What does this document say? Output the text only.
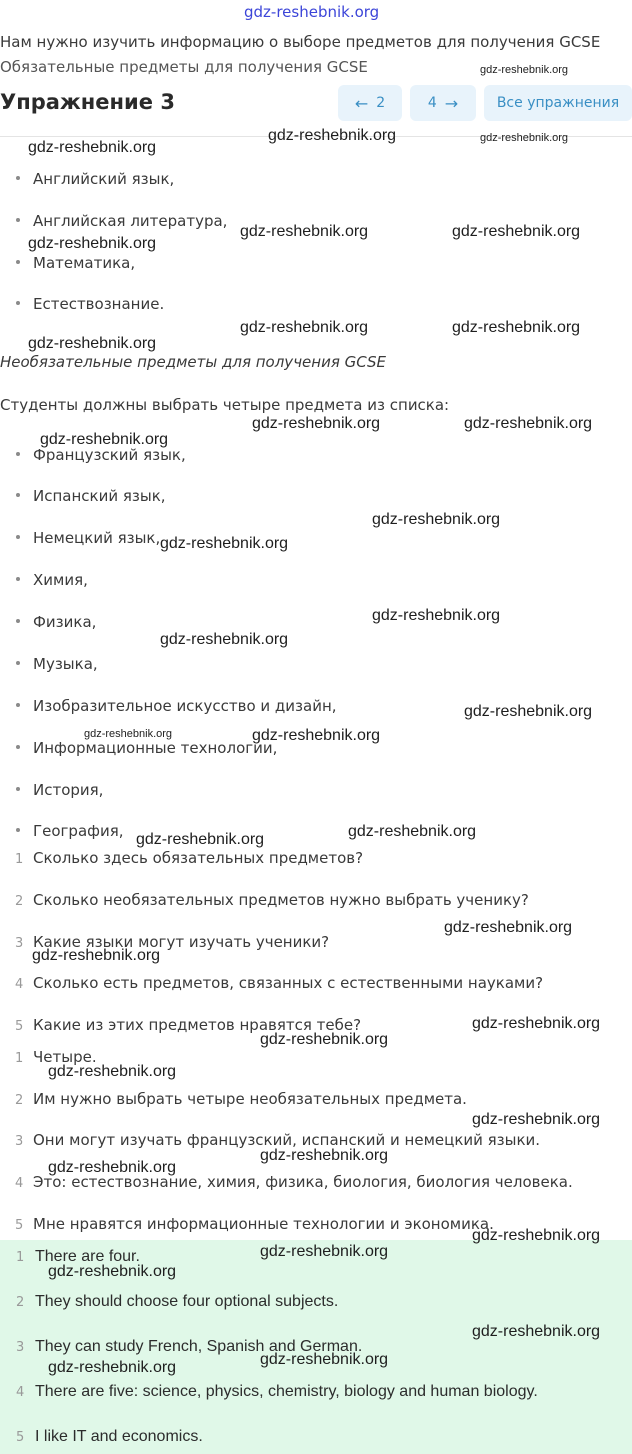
gdz-reshebnik.org
Нам нужно изучить информацию о выборе предметов для получения GCSE
Обязательные предметы для получения GCSE
Упражнение 3	← 2	4 →	Все упражнения
Английский язык,
Английская литература,
Математика,
Естествознание.
Необязательные предметы для получения GCSE
Студенты должны выбрать четыре предмета из списка:
Французский язык,
Испанский язык,
Немецкий язык,
Химия,
Физика,
Музыка,
Изобразительное искусство и дизайн,
Информационные технологии,
История,
География,
1 Сколько здесь обязательных предметов?
2 Сколько необязательных предметов нужно выбрать ученику?
3 Какие языки могут изучать ученики?
4 Сколько есть предметов, связанных с естественными науками?
5 Какие из этих предметов нравятся тебе?
1 Четыре.
2 Им нужно выбрать четыре необязательных предмета.
3 Они могут изучать французский, испанский и немецкий языки.
4 Это: естествознание, химия, физика, биология, биология человека.
5 Мне нравятся информационные технологии и экономика.
1 There are four.
2 They should choose four optional subjects.
3 They can study French, Spanish and German.
4 There are five: science, physics, chemistry, biology and human biology.
5 I like IT and economics.
gdz-reshebnik.org
gdz-reshebnik.org	gdz-reshebnik.org
gdz-reshebnik.org
gdz-reshebnik.org	gdz-reshebnik.org
gdz-reshebnik.org
gdz-reshebnik.org	gdz-reshebnik.org
gdz-reshebnik.org
gdz-reshebnik.org	gdz-reshebnik.org
gdz-reshebnik.org
gdz-reshebnik.org
gdz-reshebnik.org
gdz-reshebnik.org
gdz-reshebnik.org
gdz-reshebnik.org
gdz-reshebnik.org	gdz-reshebnik.org
gdz-reshebnik.org
gdz-reshebnik.org
gdz-reshebnik.org
gdz-reshebnik.org
gdz-reshebnik.org
gdz-reshebnik.org
gdz-reshebnik.org
gdz-reshebnik.org
gdz-reshebnik.org
gdz-reshebnik.org
gdz-reshebnik.org
gdz-reshebnik.org
gdz-reshebnik.org
gdz-reshebnik.org
gdz-reshebnik.org
gdz-reshebnik.org
